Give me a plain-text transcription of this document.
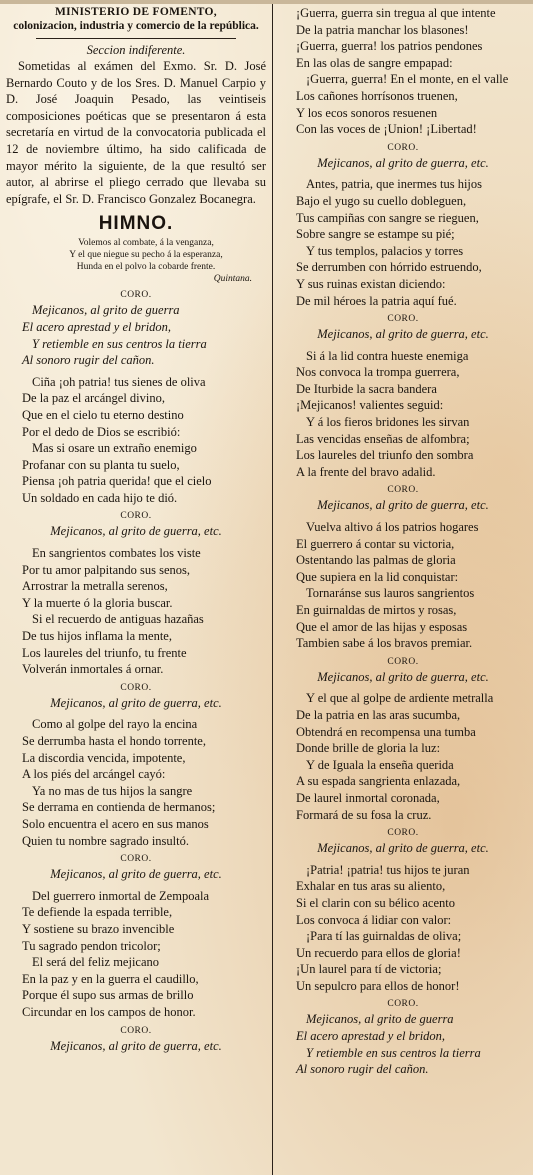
MINISTERIO DE FOMENTO,
colonizacion, industria y comercio de la república.
Seccion indiferente.

Sometidas al exámen del Exmo. Sr. D. José Bernardo Couto y de los Sres. D. Manuel Carpio y D. José Joaquin Pesado, las veintiseis composiciones poéticas que se presentaron á esta secretaría en virtud de la convocatoria publicada el 12 de noviembre último, ha sido calificada de mayor mérito la siguiente, de la que resultó ser autor, al abrirse el pliego cerrado que llevaba su epígrafe, el Sr. D. Francisco Gonzalez Bocanegra.

HIMNO.
Volemos al combate, á la venganza,
Y el que niegue su pecho á la esperanza,
Hunda en el polvo la cobarde frente.
Quintana.
CORO.
Mejicanos, al grito de guerra
El acero aprestad y el bridon,
Y retiemble en sus centros la tierra
Al sonoro rugir del cañon.
Ciña ¡oh patria! tus sienes de oliva
De la paz el arcángel divino,
Que en el cielo tu eterno destino
Por el dedo de Dios se escribió:
Mas si osare un extraño enemigo
Profanar con su planta tu suelo,
Piensa ¡oh patria querida! que el cielo
Un soldado en cada hijo te dió.
CORO.
Mejicanos, al grito de guerra, etc.
En sangrientos combates los viste
Por tu amor palpitando sus senos,
Arrostrar la metralla serenos,
Y la muerte ó la gloria buscar.
Si el recuerdo de antiguas hazañas
De tus hijos inflama la mente,
Los laureles del triunfo, tu frente
Volverán inmortales á ornar.
CORO.
Mejicanos, al grito de guerra, etc.
Como al golpe del rayo la encina
Se derrumba hasta el hondo torrente,
La discordia vencida, impotente,
A los piés del arcángel cayó:
Ya no mas de tus hijos la sangre
Se derrama en contienda de hermanos;
Solo encuentra el acero en sus manos
Quien tu nombre sagrado insultó.
CORO.
Mejicanos, al grito de guerra, etc.
Del guerrero inmortal de Zempoala
Te defiende la espada terrible,
Y sostiene su brazo invencible
Tu sagrado pendon tricolor;
El será del feliz mejicano
En la paz y en la guerra el caudillo,
Porque él supo sus armas de brillo
Circundar en los campos de honor.
CORO.
Mejicanos, al grito de guerra, etc.
¡Guerra, guerra sin tregua al que intente
De la patria manchar los blasones!
¡Guerra, guerra! los patrios pendones
En las olas de sangre empapad:
¡Guerra, guerra! En el monte, en el valle
Los cañones horrísonos truenen,
Y los ecos sonoros resuenen
Con las voces de ¡Union! ¡Libertad!
CORO.
Mejicanos, al grito de guerra, etc.
Antes, patria, que inermes tus hijos
Bajo el yugo su cuello dobleguen,
Tus campiñas con sangre se rieguen,
Sobre sangre se estampe su pié;
Y tus templos, palacios y torres
Se derrumben con hórrido estruendo,
Y sus ruinas existan diciendo:
De mil héroes la patria aquí fué.
CORO.
Mejicanos, al grito de guerra, etc.
Si á la lid contra hueste enemiga
Nos convoca la trompa guerrera,
De Iturbide la sacra bandera
¡Mejicanos! valientes seguid:
Y á los fieros bridones les sirvan
Las vencidas enseñas de alfombra;
Los laureles del triunfo den sombra
A la frente del bravo adalid.
CORO.
Mejicanos, al grito de guerra, etc.
Vuelva altivo á los patrios hogares
El guerrero á contar su victoria,
Ostentando las palmas de gloria
Que supiera en la lid conquistar:
Tornaránse sus lauros sangrientos
En guirnaldas de mirtos y rosas,
Que el amor de las hijas y esposas
Tambien sabe á los bravos premiar.
CORO.
Mejicanos, al grito de guerra, etc.
Y el que al golpe de ardiente metralla
De la patria en las aras sucumba,
Obtendrá en recompensa una tumba
Donde brille de gloria la luz:
Y de Iguala la enseña querida
A su espada sangrienta enlazada,
De laurel inmortal coronada,
Formará de su fosa la cruz.
CORO.
Mejicanos, al grito de guerra, etc.
¡Patria! ¡patria! tus hijos te juran
Exhalar en tus aras su aliento,
Si el clarin con su bélico acento
Los convoca á lidiar con valor:
¡Para tí las guirnaldas de oliva;
Un recuerdo para ellos de gloria!
¡Un laurel para tí de victoria;
Un sepulcro para ellos de honor!
CORO.
Mejicanos, al grito de guerra
El acero aprestad y el bridon,
Y retiemble en sus centros la tierra
Al sonoro rugir del cañon.
